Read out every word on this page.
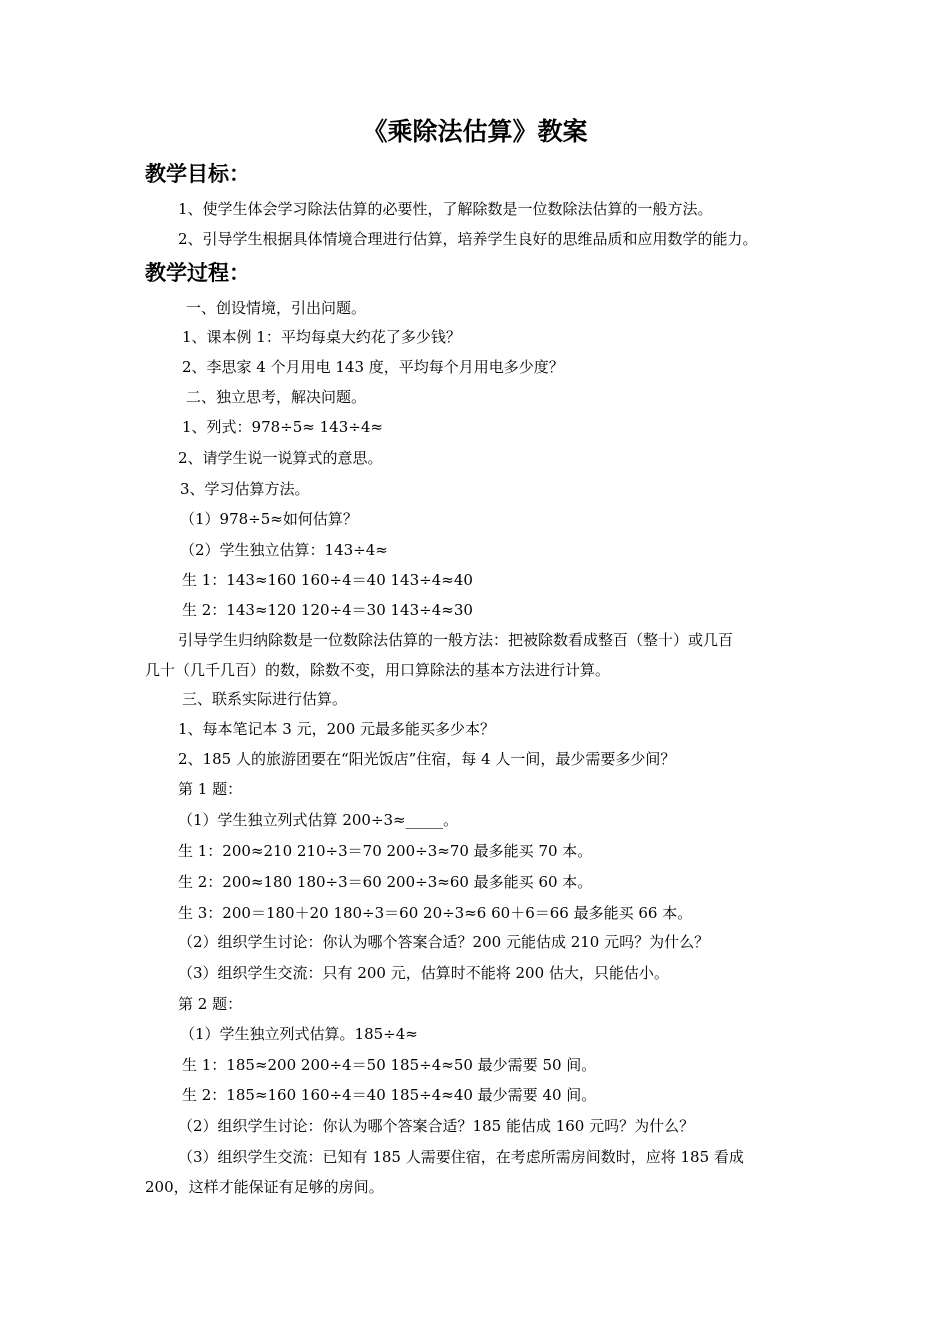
《乘除法估算》教案
教学目标：
1、使学生体会学习除法估算的必要性，了解除数是一位数除法估算的一般方法。
2、引导学生根据具体情境合理进行估算，培养学生良好的思维品质和应用数学的能力。
教学过程：
一、创设情境，引出问题。
1、课本例 1：平均每桌大约花了多少钱？
2、李思家 4 个月用电 143 度，平均每个月用电多少度？
二、独立思考，解决问题。
1、列式：978÷5≈ 143÷4≈
2、请学生说一说算式的意思。
3、学习估算方法。
（1）978÷5≈如何估算？
（2）学生独立估算：143÷4≈
生 1：143≈160 160÷4＝40 143÷4≈40
生 2：143≈120 120÷4＝30 143÷4≈30
引导学生归纳除数是一位数除法估算的一般方法：把被除数看成整百（整十）或几百
几十（几千几百）的数，除数不变，用口算除法的基本方法进行计算。
三、联系实际进行估算。
1、每本笔记本 3 元，200 元最多能买多少本？
2、185 人的旅游团要在“阳光饭店”住宿，每 4 人一间，最少需要多少间？
第 1 题：
（1）学生独立列式估算 200÷3≈_____。
生 1：200≈210 210÷3＝70 200÷3≈70 最多能买 70 本。
生 2：200≈180 180÷3＝60 200÷3≈60 最多能买 60 本。
生 3：200＝180＋20 180÷3＝60 20÷3≈6 60＋6＝66 最多能买 66 本。
（2）组织学生讨论：你认为哪个答案合适？200 元能估成 210 元吗？为什么？
（3）组织学生交流：只有 200 元，估算时不能将 200 估大，只能估小。
第 2 题：
（1）学生独立列式估算。185÷4≈
生 1：185≈200 200÷4＝50 185÷4≈50 最少需要 50 间。
生 2：185≈160 160÷4＝40 185÷4≈40 最少需要 40 间。
（2）组织学生讨论：你认为哪个答案合适？185 能估成 160 元吗？为什么？
（3）组织学生交流：已知有 185 人需要住宿，在考虑所需房间数时，应将 185 看成
200，这样才能保证有足够的房间。
